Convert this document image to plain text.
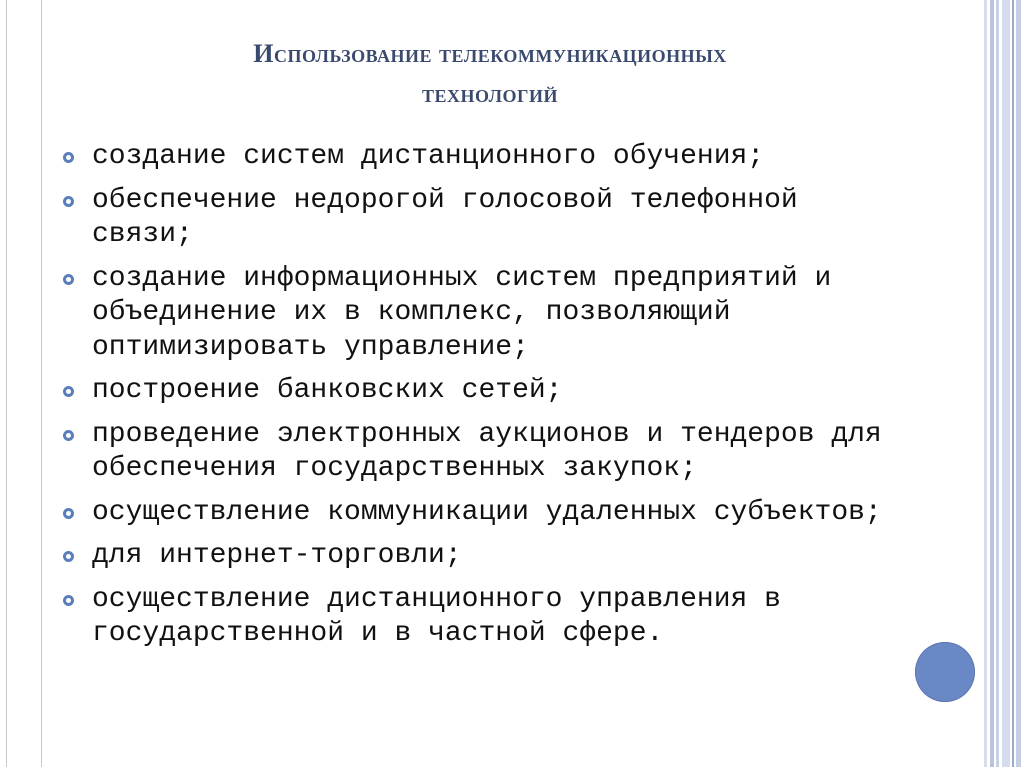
Использование телекоммуникационных
технологий
создание систем дистанционного обучения;
обеспечение недорогой голосовой телефонной связи;
создание информационных систем предприятий и объединение их в комплекс, позволяющий оптимизировать управление;
построение банковских сетей;
проведение электронных аукционов и тендеров для обеспечения государственных закупок;
осуществление коммуникации удаленных субъектов;
для интернет-торговли;
осуществление дистанционного управления в государственной и в частной сфере.
